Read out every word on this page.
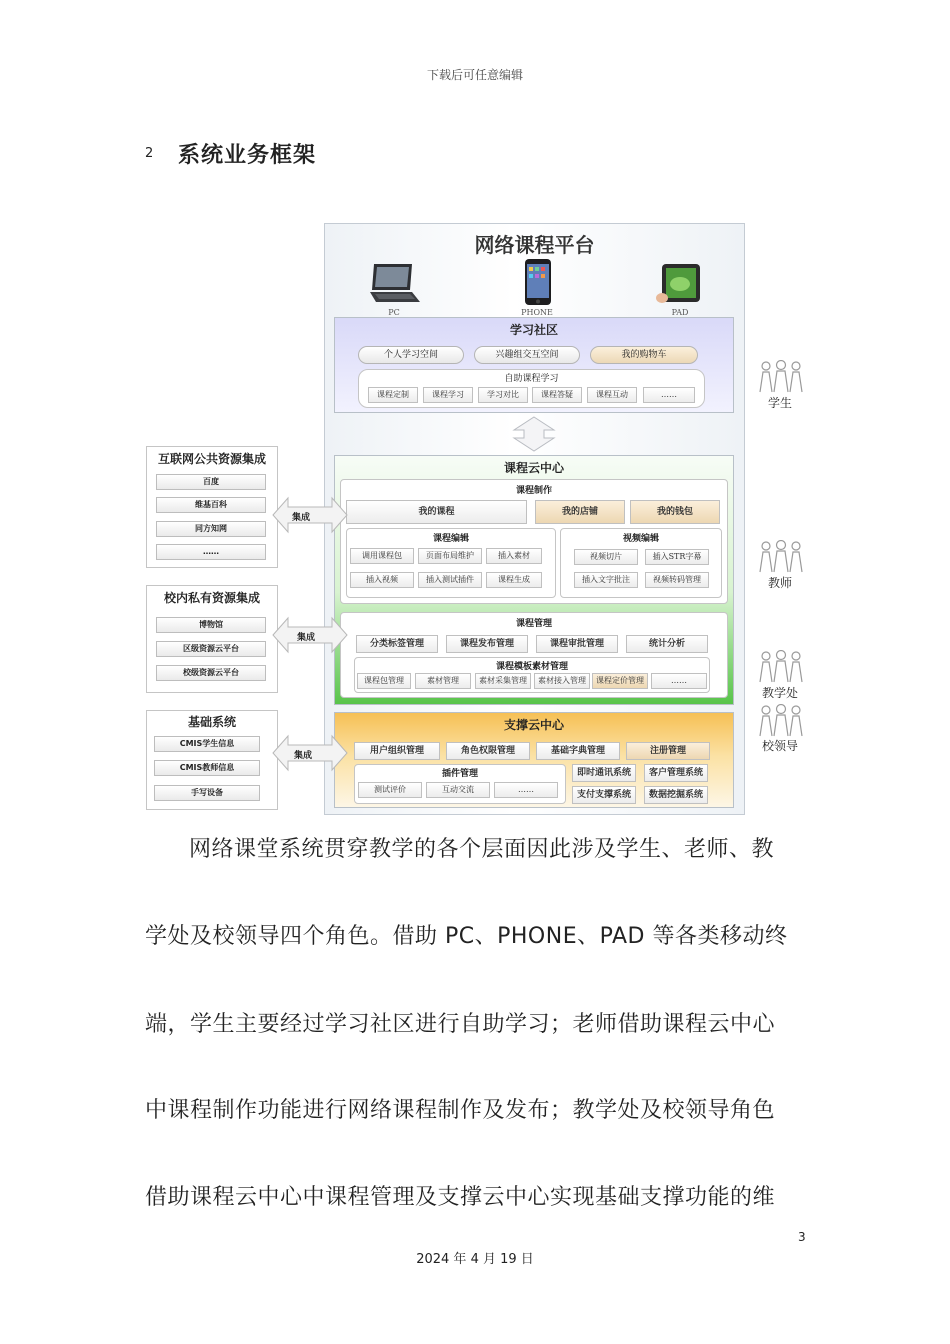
下载后可任意编辑
2 系统业务框架
网络课程平台
PC	PHONE	PAD
学习社区
个人学习空间	兴趣组交互空间	我的购物车
自助课程学习
课程定制	课程学习	学习对比	课程答疑	课程互动	……
课程云中心
课程制作
我的课程	我的店铺	我的钱包
课程编辑
调用课程包	页面布局维护	插入素材
插入视频	插入测试插件	课程生成
视频编辑
视频切片	插入STR字幕
插入文字批注	视频转码管理
课程管理
分类标签管理	课程发布管理	课程审批管理	统计分析
课程模板素材管理
课程包管理	素材管理	素材采集管理	素材接入管理	课程定价管理	……
支撑云中心
用户组织管理	角色权限管理	基础字典管理	注册管理
插件管理
测试评价	互动交流	……
即时通讯系统	客户管理系统
支付支撑系统	数据挖掘系统
互联网公共资源集成
百度
维基百科
同方知网
……
校内私有资源集成
博物馆
区级资源云平台
校级资源云平台
基础系统
CMIS学生信息
CMIS教师信息
手写设备
集成
集成
集成
学生
教师
教学处
校领导
网络课堂系统贯穿教学的各个层面因此涉及学生、老师、教
学处及校领导四个角色。借助 PC、PHONE、PAD 等各类移动终
端，学生主要经过学习社区进行自助学习；老师借助课程云中心
中课程制作功能进行网络课程制作及发布；教学处及校领导角色
借助课程云中心中课程管理及支撑云中心实现基础支撑功能的维
3
2024 年 4 月 19 日
